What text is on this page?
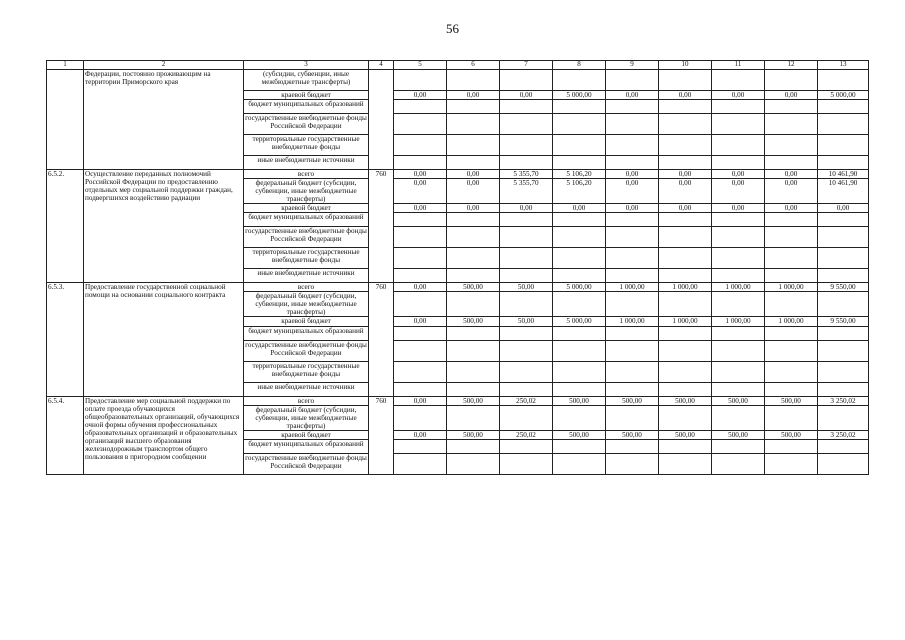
56
1	2	3	4	5	6	7	8	9	10	11	12	13
	Федерации, постоянно проживающим на территории Приморского края	(субсидии, субвенции, иные межбюджетные трансферты)										
		краевой бюджет		0,00	0,00	0,00	5 000,00	0,00	0,00	0,00	0,00	5 000,00
		бюджет муниципальных образований										
		государственные внебюджетные фонды Российской Федерации										
		территориальные государственные внебюджетные фонды										
		иные внебюджетные источники										
6.5.2.	Осуществление переданных полномочий Российской Федерации по предоставлению отдельных мер социальной поддержки граждан, подвергшихся воздействию радиации	всего	760	0,00	0,00	5 355,70	5 106,20	0,00	0,00	0,00	0,00	10 461,90
		федеральный бюджет (субсидии, субвенции, иные межбюджетные трансферты)		0,00	0,00	5 355,70	5 106,20	0,00	0,00	0,00	0,00	10 461,90
		краевой бюджет		0,00	0,00	0,00	0,00	0,00	0,00	0,00	0,00	0,00
		бюджет муниципальных образований										
		государственные внебюджетные фонды Российской Федерации										
		территориальные государственные внебюджетные фонды										
		иные внебюджетные источники										
6.5.3.	Предоставление государственной социальной помощи на основании социального контракта	всего	760	0,00	500,00	50,00	5 000,00	1 000,00	1 000,00	1 000,00	1 000,00	9 550,00
		федеральный бюджет (субсидии, субвенции, иные межбюджетные трансферты)										
		краевой бюджет		0,00	500,00	50,00	5 000,00	1 000,00	1 000,00	1 000,00	1 000,00	9 550,00
		бюджет муниципальных образований										
		государственные внебюджетные фонды Российской Федерации										
		территориальные государственные внебюджетные фонды										
		иные внебюджетные источники										
6.5.4.	Предоставление мер социальной поддержки по оплате проезда обучающихся общеобразовательных организаций, обучающихся очной формы обучения профессиональных образовательных организаций и образовательных организаций высшего образования железнодорожным транспортом общего пользования в пригородном сообщении	всего	760	0,00	500,00	250,02	500,00	500,00	500,00	500,00	500,00	3 250,02
		федеральный бюджет (субсидии, субвенции, иные межбюджетные трансферты)										
		краевой бюджет		0,00	500,00	250,02	500,00	500,00	500,00	500,00	500,00	3 250,02
		бюджет муниципальных образований										
		государственные внебюджетные фонды Российской Федерации										
